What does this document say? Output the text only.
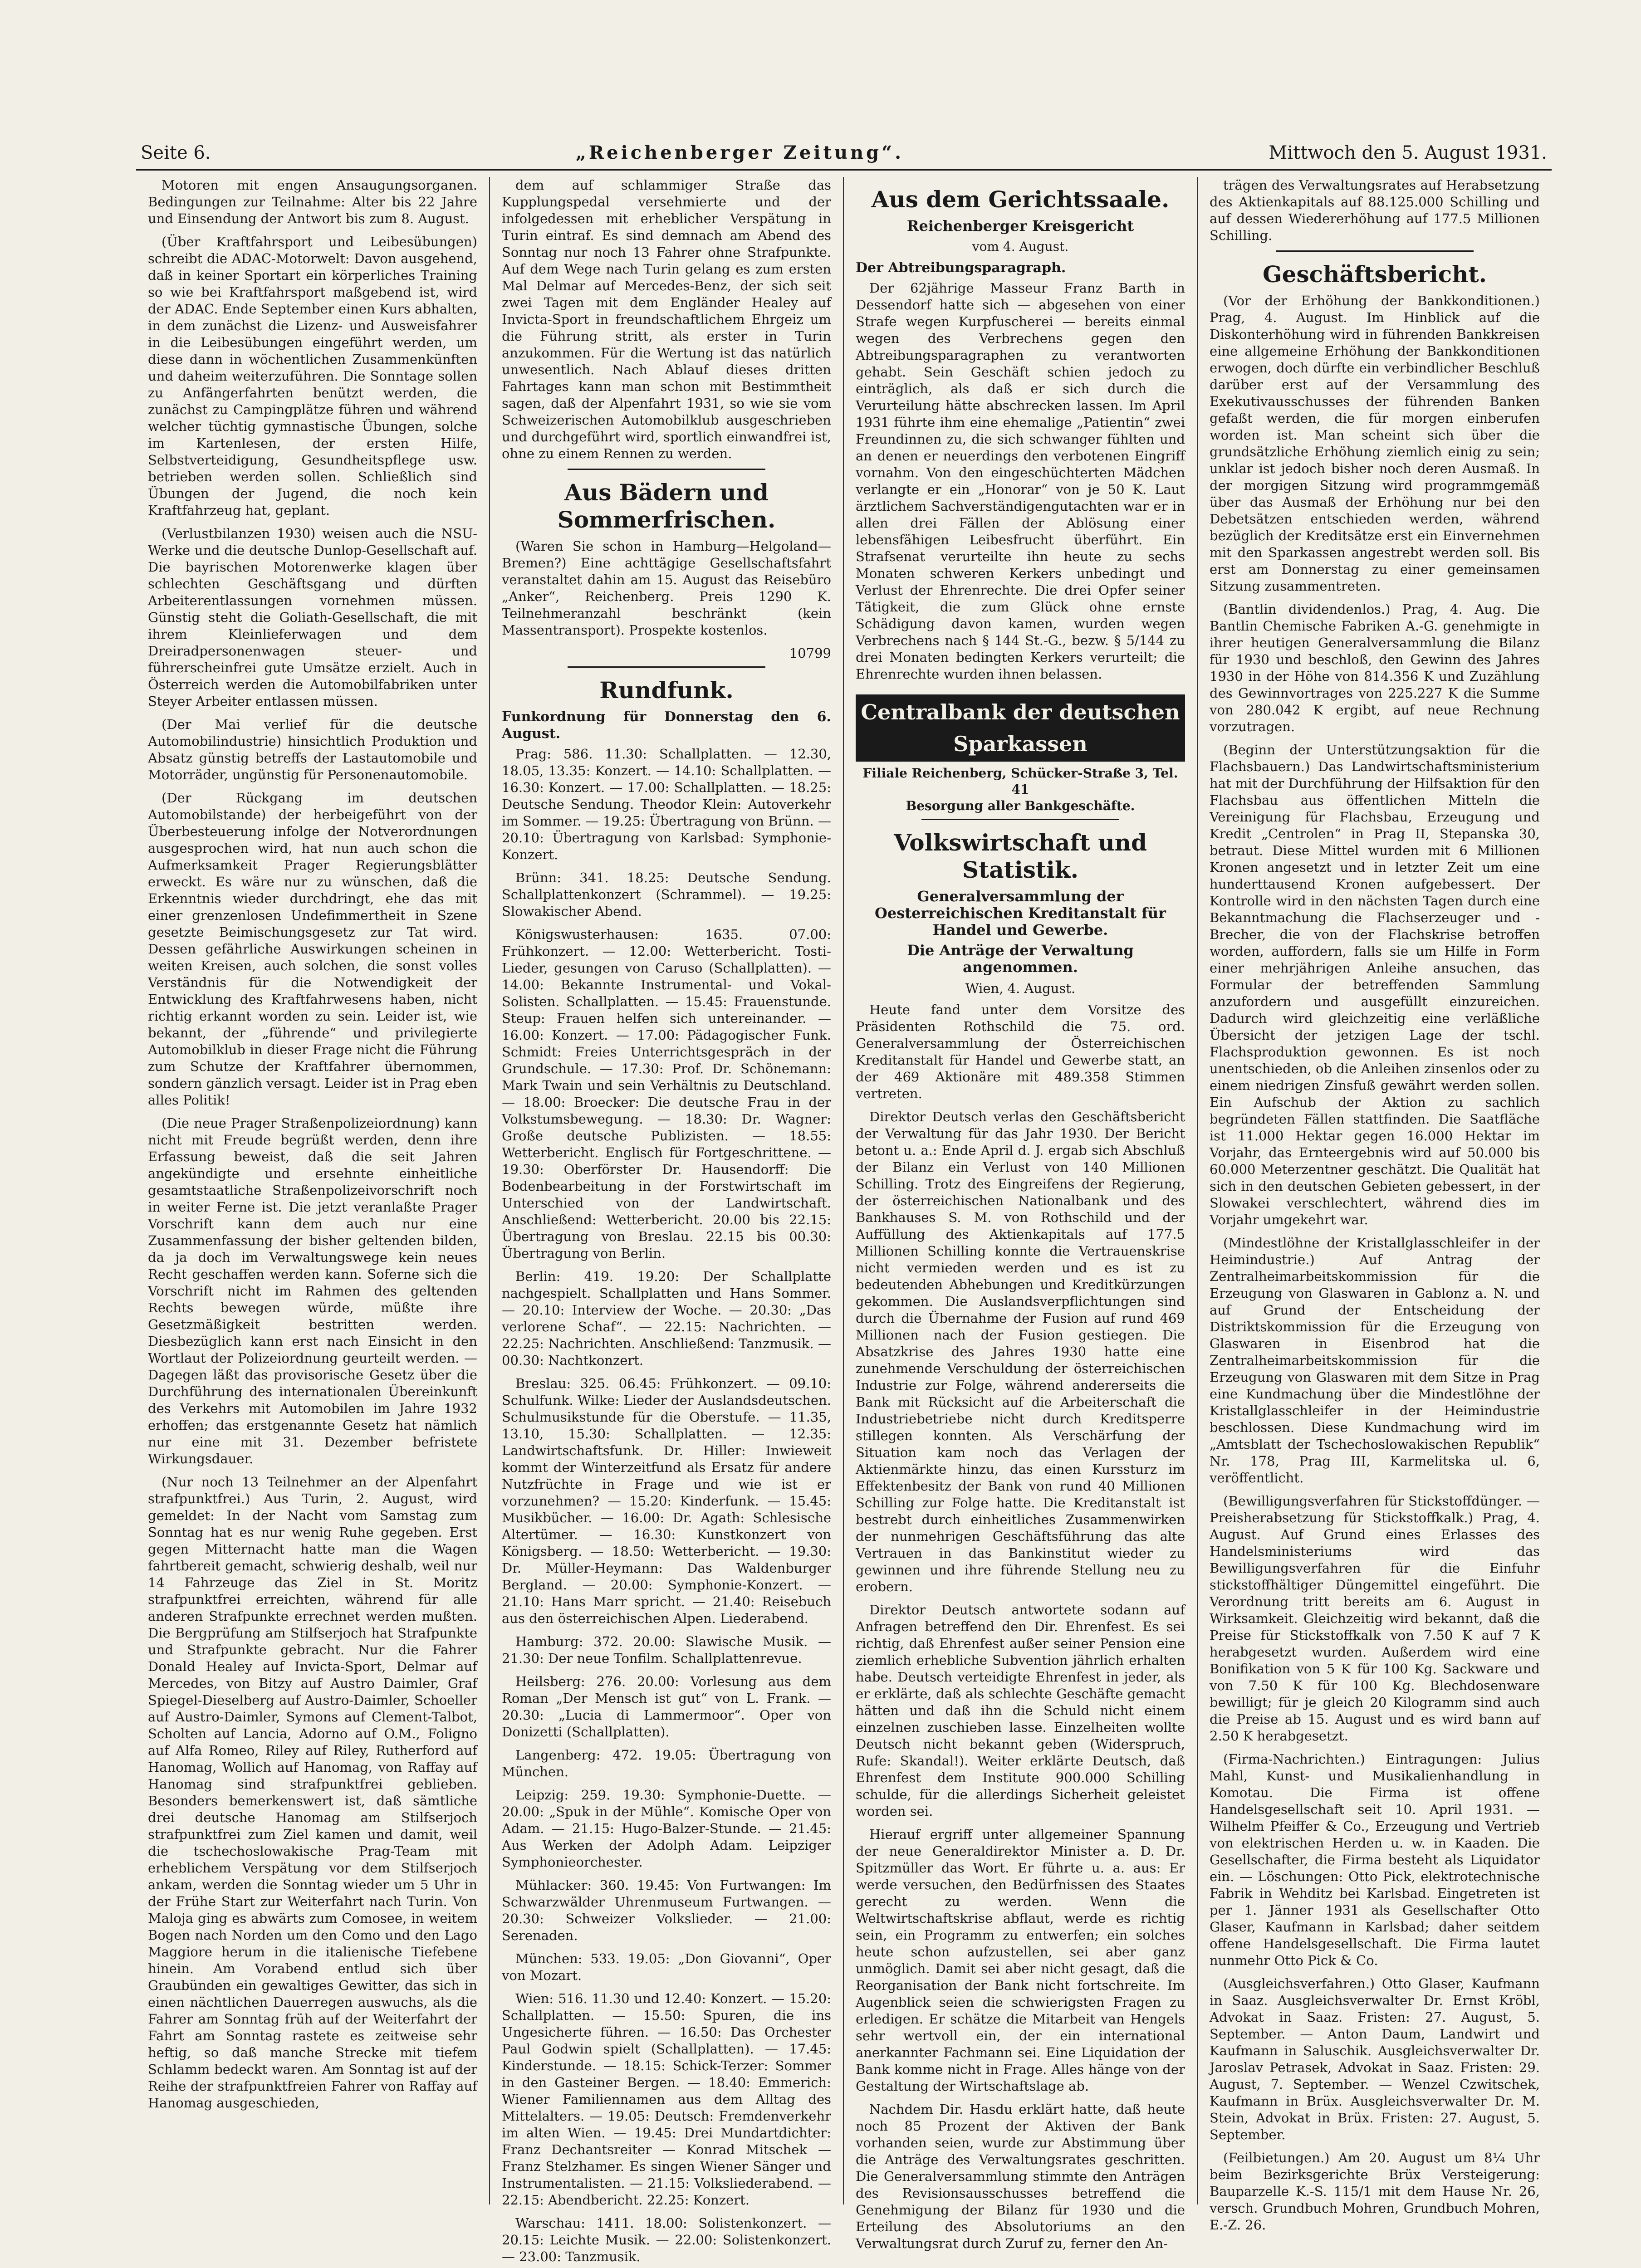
Seite 6.	„Reichenberger Zeitung“.	Mittwoch den 5. August 1931.

Motoren mit engen Ansaugungsorganen. Bedingungen zur Teilnahme: Alter bis 22 Jahre und Einsendung der Antwort bis zum 8. August.

(Über Kraftfahrsport und Leibesübungen) schreibt die ADAC-Motorwelt: Davon ausgehend, daß in keiner Sportart ein körperliches Training so wie bei Kraftfahrsport maßgebend ist, wird der ADAC. Ende September einen Kurs abhalten, in dem zunächst die Lizenz- und Ausweisfahrer in die Leibesübungen eingeführt werden, um diese dann in wöchentlichen Zusammenkünften und daheim weiterzuführen. Die Sonntage sollen zu Anfängerfahrten benützt werden, die zunächst zu Campingplätze führen und während welcher tüchtig gymnastische Übungen, solche im Kartenlesen, der ersten Hilfe, Selbstverteidigung, Gesundheitspflege usw. betrieben werden sollen. Schließlich sind Übungen der Jugend, die noch kein Kraftfahrzeug hat, geplant.

(Verlustbilanzen 1930) weisen auch die NSU-Werke und die deutsche Dunlop-Gesellschaft auf. Die bayrischen Motorenwerke klagen über schlechten Geschäftsgang und dürften Arbeiterentlassungen vornehmen müssen. Günstig steht die Goliath-Gesellschaft, die mit ihrem Kleinlieferwagen und dem Dreiradpersonenwagen steuer- und führerscheinfrei gute Umsätze erzielt. Auch in Österreich werden die Automobilfabriken unter Steyer Arbeiter entlassen müssen.

(Der Mai verlief für die deutsche Automobilindustrie) hinsichtlich Produktion und Absatz günstig betreffs der Lastautomobile und Motorräder, ungünstig für Personenautomobile.

(Der Rückgang im deutschen Automobilstande) der herbeigeführt von der Überbesteuerung infolge der Notverordnungen ausgesprochen wird, hat nun auch schon die Aufmerksamkeit Prager Regierungsblätter erweckt. Es wäre nur zu wünschen, daß die Erkenntnis wieder durchdringt, ehe das mit einer grenzenlosen Undefimmertheit in Szene gesetzte Beimischungsgesetz zur Tat wird. Dessen gefährliche Auswirkungen scheinen in weiten Kreisen, auch solchen, die sonst volles Verständnis für die Notwendigkeit der Entwicklung des Kraftfahrwesens haben, nicht richtig erkannt worden zu sein. Leider ist, wie bekannt, der „führende“ und privilegierte Automobilklub in dieser Frage nicht die Führung zum Schutze der Kraftfahrer übernommen, sondern gänzlich versagt. Leider ist in Prag eben alles Politik!

(Die neue Prager Straßenpolizeiordnung) kann nicht mit Freude begrüßt werden, denn ihre Erfassung beweist, daß die seit Jahren angekündigte und ersehnte einheitliche gesamtstaatliche Straßenpolizeivorschrift noch in weiter Ferne ist. Die jetzt veranlaßte Prager Vorschrift kann dem auch nur eine Zusammenfassung der bisher geltenden bilden, da ja doch im Verwaltungswege kein neues Recht geschaffen werden kann. Soferne sich die Vorschrift nicht im Rahmen des geltenden Rechts bewegen würde, müßte ihre Gesetzmäßigkeit bestritten werden. Diesbezüglich kann erst nach Einsicht in den Wortlaut der Polizeiordnung geurteilt werden. — Dagegen läßt das provisorische Gesetz über die Durchführung des internationalen Übereinkunft des Verkehrs mit Automobilen im Jahre 1932 erhoffen; das erstgenannte Gesetz hat nämlich nur eine mit 31. Dezember befristete Wirkungsdauer.

(Nur noch 13 Teilnehmer an der Alpenfahrt strafpunktfrei.) Aus Turin, 2. August, wird gemeldet: In der Nacht vom Samstag zum Sonntag hat es nur wenig Ruhe gegeben. Erst gegen Mitternacht hatte man die Wagen fahrtbereit gemacht, schwierig deshalb, weil nur 14 Fahrzeuge das Ziel in St. Moritz strafpunktfrei erreichten, während für alle anderen Strafpunkte errechnet werden mußten. Die Bergprüfung am Stilfserjoch hat Strafpunkte und Strafpunkte gebracht. Nur die Fahrer Donald Healey auf Invicta-Sport, Delmar auf Mercedes, von Bitzy auf Austro Daimler, Graf Spiegel-Dieselberg auf Austro-Daimler, Schoeller auf Austro-Daimler, Symons auf Clement-Talbot, Scholten auf Lancia, Adorno auf O.M., Foligno auf Alfa Romeo, Riley auf Riley, Rutherford auf Hanomag, Wollich auf Hanomag, von Raffay auf Hanomag sind strafpunktfrei geblieben. Besonders bemerkenswert ist, daß sämtliche drei deutsche Hanomag am Stilfserjoch strafpunktfrei zum Ziel kamen und damit, weil die tschechoslowakische Prag-Team mit erheblichem Verspätung vor dem Stilfserjoch ankam, werden die Sonntag wieder um 5 Uhr in der Frühe Start zur Weiterfahrt nach Turin. Von Maloja ging es abwärts zum Comosee, in weitem Bogen nach Norden um den Como und den Lago Maggiore herum in die italienische Tiefebene hinein. Am Vorabend entlud sich über Graubünden ein gewaltiges Gewitter, das sich in einen nächtlichen Dauerregen auswuchs, als die Fahrer am Sonntag früh auf der Weiterfahrt der Fahrt am Sonntag rastete es zeitweise sehr heftig, so daß manche Strecke mit tiefem Schlamm bedeckt waren. Am Sonntag ist auf der Reihe der strafpunktfreien Fahrer von Raffay auf Hanomag ausgeschieden,

dem auf schlammiger Straße das Kupplungspedal versehmierte und der infolgedessen mit erheblicher Verspätung in Turin eintraf. Es sind demnach am Abend des Sonntag nur noch 13 Fahrer ohne Strafpunkte. Auf dem Wege nach Turin gelang es zum ersten Mal Delmar auf Mercedes-Benz, der sich seit zwei Tagen mit dem Engländer Healey auf Invicta-Sport in freundschaftlichem Ehrgeiz um die Führung stritt, als erster in Turin anzukommen. Für die Wertung ist das natürlich unwesentlich. Nach Ablauf dieses dritten Fahrtages kann man schon mit Bestimmtheit sagen, daß der Alpenfahrt 1931, so wie sie vom Schweizerischen Automobilklub ausgeschrieben und durchgeführt wird, sportlich einwandfrei ist, ohne zu einem Rennen zu werden.

Aus Bädern und Sommerfrischen.

(Waren Sie schon in Hamburg—Helgoland—Bremen?) Eine achttägige Gesellschaftsfahrt veranstaltet dahin am 15. August das Reisebüro „Anker“, Reichenberg. Preis 1290 K. Teilnehmeranzahl beschränkt (kein Massentransport). Prospekte kostenlos.

10799
Rundfunk.
Funkordnung für Donnerstag den 6. August.

Prag: 586. 11.30: Schallplatten. — 12.30, 18.05, 13.35: Konzert. — 14.10: Schallplatten. — 16.30: Konzert. — 17.00: Schallplatten. — 18.25: Deutsche Sendung. Theodor Klein: Autoverkehr im Sommer. — 19.25: Übertragung von Brünn. — 20.10: Übertragung von Karlsbad: Symphonie-Konzert.

Brünn: 341. 18.25: Deutsche Sendung. Schallplattenkonzert (Schrammel). — 19.25: Slowakischer Abend.

Königswusterhausen: 1635. 07.00: Frühkonzert. — 12.00: Wetterbericht. Tosti-Lieder, gesungen von Caruso (Schallplatten). — 14.00: Bekannte Instrumental- und Vokal-Solisten. Schallplatten. — 15.45: Frauenstunde. Steup: Frauen helfen sich untereinander. — 16.00: Konzert. — 17.00: Pädagogischer Funk. Schmidt: Freies Unterrichtsgespräch in der Grundschule. — 17.30: Prof. Dr. Schönemann: Mark Twain und sein Verhältnis zu Deutschland. — 18.00: Broecker: Die deutsche Frau in der Volkstumsbewegung. — 18.30: Dr. Wagner: Große deutsche Publizisten. — 18.55: Wetterbericht. Englisch für Fortgeschrittene. — 19.30: Oberförster Dr. Hausendorff: Die Bodenbearbeitung in der Forstwirtschaft im Unterschied von der Landwirtschaft. Anschließend: Wetterbericht. 20.00 bis 22.15: Übertragung von Breslau. 22.15 bis 00.30: Übertragung von Berlin.

Berlin: 419. 19.20: Der Schallplatte nachgespielt. Schallplatten und Hans Sommer. — 20.10: Interview der Woche. — 20.30: „Das verlorene Schaf“. — 22.15: Nachrichten. — 22.25: Nachrichten. Anschließend: Tanzmusik. — 00.30: Nachtkonzert.

Breslau: 325. 06.45: Frühkonzert. — 09.10: Schulfunk. Wilke: Lieder der Auslandsdeutschen. Schulmusikstunde für die Oberstufe. — 11.35, 13.10, 15.30: Schallplatten. — 12.35: Landwirtschaftsfunk. Dr. Hiller: Inwieweit kommt der Winterzeitfund als Ersatz für andere Nutzfrüchte in Frage und wie ist er vorzunehmen? — 15.20: Kinderfunk. — 15.45: Musikbücher. — 16.00: Dr. Agath: Schlesische Altertümer. — 16.30: Kunstkonzert von Königsberg. — 18.50: Wetterbericht. — 19.30: Dr. Müller-Heymann: Das Waldenburger Bergland. — 20.00: Symphonie-Konzert. — 21.10: Hans Marr spricht. — 21.40: Reisebuch aus den österreichischen Alpen. Liederabend.

Hamburg: 372. 20.00: Slawische Musik. — 21.30: Der neue Tonfilm. Schallplattenrevue.

Heilsberg: 276. 20.00: Vorlesung aus dem Roman „Der Mensch ist gut“ von L. Frank. — 20.30: „Lucia di Lammermoor“. Oper von Donizetti (Schallplatten).

Langenberg: 472. 19.05: Übertragung von München.

Leipzig: 259. 19.30: Symphonie-Duette. — 20.00: „Spuk in der Mühle“. Komische Oper von Adam. — 21.15: Hugo-Balzer-Stunde. — 21.45: Aus Werken der Adolph Adam. Leipziger Symphonieorchester.

Mühlacker: 360. 19.45: Von Furtwangen: Im Schwarzwälder Uhrenmuseum Furtwangen. — 20.30: Schweizer Volkslieder. — 21.00: Serenaden.

München: 533. 19.05: „Don Giovanni“, Oper von Mozart.

Wien: 516. 11.30 und 12.40: Konzert. — 15.20: Schallplatten. — 15.50: Spuren, die ins Ungesicherte führen. — 16.50: Das Orchester Paul Godwin spielt (Schallplatten). — 17.45: Kinderstunde. — 18.15: Schick-Terzer: Sommer in den Gasteiner Bergen. — 18.40: Emmerich: Wiener Familiennamen aus dem Alltag des Mittelalters. — 19.05: Deutsch: Fremdenverkehr im alten Wien. — 19.45: Drei Mundartdichter: Franz Dechantsreiter — Konrad Mitschek — Franz Stelzhamer. Es singen Wiener Sänger und Instrumentalisten. — 21.15: Volksliederabend. — 22.15: Abendbericht. 22.25: Konzert.

Warschau: 1411. 18.00: Solistenkonzert. — 20.15: Leichte Musik. — 22.00: Solistenkonzert. — 23.00: Tanzmusik.

Aus dem Gerichtssaale.
Reichenberger Kreisgericht
vom 4. August.
Der Abtreibungsparagraph.

Der 62jährige Masseur Franz Barth in Dessendorf hatte sich — abgesehen von einer Strafe wegen Kurpfuscherei — bereits einmal wegen des Verbrechens gegen den Abtreibungsparagraphen zu verantworten gehabt. Sein Geschäft schien jedoch zu einträglich, als daß er sich durch die Verurteilung hätte abschrecken lassen. Im April 1931 führte ihm eine ehemalige „Patientin“ zwei Freundinnen zu, die sich schwanger fühlten und an denen er neuerdings den verbotenen Eingriff vornahm. Von den eingeschüchterten Mädchen verlangte er ein „Honorar“ von je 50 K. Laut ärztlichem Sachverständigengutachten war er in allen drei Fällen der Ablösung einer lebensfähigen Leibesfrucht überführt. Ein Strafsenat verurteilte ihn heute zu sechs Monaten schweren Kerkers unbedingt und Verlust der Ehrenrechte. Die drei Opfer seiner Tätigkeit, die zum Glück ohne ernste Schädigung davon kamen, wurden wegen Verbrechens nach § 144 St.-G., bezw. § 5/144 zu drei Monaten bedingten Kerkers verurteilt; die Ehrenrechte wurden ihnen belassen.

Centralbank der deutschen Sparkassen
Filiale Reichenberg, Schücker-Straße 3, Tel. 41
Besorgung aller Bankgeschäfte.
Volkswirtschaft und Statistik.
Generalversammlung der Oesterreichischen Kreditanstalt für Handel und Gewerbe.
Die Anträge der Verwaltung angenommen.
Wien, 4. August.

Heute fand unter dem Vorsitze des Präsidenten Rothschild die 75. ord. Generalversammlung der Österreichischen Kreditanstalt für Handel und Gewerbe statt, an der 469 Aktionäre mit 489.358 Stimmen vertreten.

Direktor Deutsch verlas den Geschäftsbericht der Verwaltung für das Jahr 1930. Der Bericht betont u. a.: Ende April d. J. ergab sich Abschluß der Bilanz ein Verlust von 140 Millionen Schilling. Trotz des Eingreifens der Regierung, der österreichischen Nationalbank und des Bankhauses S. M. von Rothschild und der Auffüllung des Aktienkapitals auf 177.5 Millionen Schilling konnte die Vertrauenskrise nicht vermieden werden und es ist zu bedeutenden Abhebungen und Kreditkürzungen gekommen. Die Auslandsverpflichtungen sind durch die Übernahme der Fusion auf rund 469 Millionen nach der Fusion gestiegen. Die Absatzkrise des Jahres 1930 hatte eine zunehmende Verschuldung der österreichischen Industrie zur Folge, während andererseits die Bank mit Rücksicht auf die Arbeiterschaft die Industriebetriebe nicht durch Kreditsperre stillegen konnten. Als Verschärfung der Situation kam noch das Verlagen der Aktienmärkte hinzu, das einen Kurssturz im Effektenbesitz der Bank von rund 40 Millionen Schilling zur Folge hatte. Die Kreditanstalt ist bestrebt durch einheitliches Zusammenwirken der nunmehrigen Geschäftsführung das alte Vertrauen in das Bankinstitut wieder zu gewinnen und ihre führende Stellung neu zu erobern.

Direktor Deutsch antwortete sodann auf Anfragen betreffend den Dir. Ehrenfest. Es sei richtig, daß Ehrenfest außer seiner Pension eine ziemlich erhebliche Subvention jährlich erhalten habe. Deutsch verteidigte Ehrenfest in jeder, als er erklärte, daß als schlechte Geschäfte gemacht hätten und daß ihn die Schuld nicht einem einzelnen zuschieben lasse. Einzelheiten wollte Deutsch nicht bekannt geben (Widerspruch, Rufe: Skandal!). Weiter erklärte Deutsch, daß Ehrenfest dem Institute 900.000 Schilling schulde, für die allerdings Sicherheit geleistet worden sei.

Hierauf ergriff unter allgemeiner Spannung der neue Generaldirektor Minister a. D. Dr. Spitzmüller das Wort. Er führte u. a. aus: Er werde versuchen, den Bedürfnissen des Staates gerecht zu werden. Wenn die Weltwirtschaftskrise abflaut, werde es richtig sein, ein Programm zu entwerfen; ein solches heute schon aufzustellen, sei aber ganz unmöglich. Damit sei aber nicht gesagt, daß die Reorganisation der Bank nicht fortschreite. Im Augenblick seien die schwierigsten Fragen zu erledigen. Er schätze die Mitarbeit van Hengels sehr wertvoll ein, der ein international anerkannter Fachmann sei. Eine Liquidation der Bank komme nicht in Frage. Alles hänge von der Gestaltung der Wirtschaftslage ab.

Nachdem Dir. Hasdu erklärt hatte, daß heute noch 85 Prozent der Aktiven der Bank vorhanden seien, wurde zur Abstimmung über die Anträge des Verwaltungsrates geschritten. Die Generalversammlung stimmte den Anträgen des Revisionsausschusses betreffend die Genehmigung der Bilanz für 1930 und die Erteilung des Absolutoriums an den Verwaltungsrat durch Zuruf zu, ferner den An-

trägen des Verwaltungsrates auf Herabsetzung des Aktienkapitals auf 88.125.000 Schilling und auf dessen Wiedererhöhung auf 177.5 Millionen Schilling.

Geschäftsbericht.

(Vor der Erhöhung der Bankkonditionen.) Prag, 4. August. Im Hinblick auf die Diskonterhöhung wird in führenden Bankkreisen eine allgemeine Erhöhung der Bankkonditionen erwogen, doch dürfte ein verbindlicher Beschluß darüber erst auf der Versammlung des Exekutivausschusses der führenden Banken gefaßt werden, die für morgen einberufen worden ist. Man scheint sich über die grundsätzliche Erhöhung ziemlich einig zu sein; unklar ist jedoch bisher noch deren Ausmaß. In der morgigen Sitzung wird programmgemäß über das Ausmaß der Erhöhung nur bei den Debetsätzen entschieden werden, während bezüglich der Kreditsätze erst ein Einvernehmen mit den Sparkassen angestrebt werden soll. Bis erst am Donnerstag zu einer gemeinsamen Sitzung zusammentreten.

(Bantlin dividendenlos.) Prag, 4. Aug. Die Bantlin Chemische Fabriken A.-G. genehmigte in ihrer heutigen Generalversammlung die Bilanz für 1930 und beschloß, den Gewinn des Jahres 1930 in der Höhe von 814.356 K und Zuzählung des Gewinnvortrages von 225.227 K die Summe von 280.042 K ergibt, auf neue Rechnung vorzutragen.

(Beginn der Unterstützungsaktion für die Flachsbauern.) Das Landwirtschaftsministerium hat mit der Durchführung der Hilfsaktion für den Flachsbau aus öffentlichen Mitteln die Vereinigung für Flachsbau, Erzeugung und Kredit „Centrolen“ in Prag II, Stepanska 30, betraut. Diese Mittel wurden mit 6 Millionen Kronen angesetzt und in letzter Zeit um eine hunderttausend Kronen aufgebessert. Der Kontrolle wird in den nächsten Tagen durch eine Bekanntmachung die Flachserzeuger und -Brecher, die von der Flachskrise betroffen worden, auffordern, falls sie um Hilfe in Form einer mehrjährigen Anleihe ansuchen, das Formular der betreffenden Sammlung anzufordern und ausgefüllt einzureichen. Dadurch wird gleichzeitig eine verläßliche Übersicht der jetzigen Lage der tschl. Flachsproduktion gewonnen. Es ist noch unentschieden, ob die Anleihen zinsenlos oder zu einem niedrigen Zinsfuß gewährt werden sollen. Ein Aufschub der Aktion zu sachlich begründeten Fällen stattfinden. Die Saatfläche ist 11.000 Hektar gegen 16.000 Hektar im Vorjahr, das Ernteergebnis wird auf 50.000 bis 60.000 Meterzentner geschätzt. Die Qualität hat sich in den deutschen Gebieten gebessert, in der Slowakei verschlechtert, während dies im Vorjahr umgekehrt war.

(Mindestlöhne der Kristallglasschleifer in der Heimindustrie.) Auf Antrag der Zentralheimarbeitskommission für die Erzeugung von Glaswaren in Gablonz a. N. und auf Grund der Entscheidung der Distriktskommission für die Erzeugung von Glaswaren in Eisenbrod hat die Zentralheimarbeitskommission für die Erzeugung von Glaswaren mit dem Sitze in Prag eine Kundmachung über die Mindestlöhne der Kristallglasschleifer in der Heimindustrie beschlossen. Diese Kundmachung wird im „Amtsblatt der Tschechoslowakischen Republik“ Nr. 178, Prag III, Karmelitska ul. 6, veröffentlicht.

(Bewilligungsverfahren für Stickstoffdünger. — Preisherabsetzung für Stickstoffkalk.) Prag, 4. August. Auf Grund eines Erlasses des Handelsministeriums wird das Bewilligungsverfahren für die Einfuhr stickstoffhältiger Düngemittel eingeführt. Die Verordnung tritt bereits am 6. August in Wirksamkeit. Gleichzeitig wird bekannt, daß die Preise für Stickstoffkalk von 7.50 K auf 7 K herabgesetzt wurden. Außerdem wird eine Bonifikation von 5 K für 100 Kg. Sackware und von 7.50 K für 100 Kg. Blechdosenware bewilligt; für je gleich 20 Kilogramm sind auch die Preise ab 15. August und es wird bann auf 2.50 K herabgesetzt.

(Firma-Nachrichten.) Eintragungen: Julius Mahl, Kunst- und Musikalienhandlung in Komotau. Die Firma ist offene Handelsgesellschaft seit 10. April 1931. — Wilhelm Pfeiffer & Co., Erzeugung und Vertrieb von elektrischen Herden u. w. in Kaaden. Die Gesellschafter, die Firma besteht als Liquidator ein. — Löschungen: Otto Pick, elektrotechnische Fabrik in Wehditz bei Karlsbad. Eingetreten ist per 1. Jänner 1931 als Gesellschafter Otto Glaser, Kaufmann in Karlsbad; daher seitdem offene Handelsgesellschaft. Die Firma lautet nunmehr Otto Pick & Co.

(Ausgleichsverfahren.) Otto Glaser, Kaufmann in Saaz. Ausgleichsverwalter Dr. Ernst Kröbl, Advokat in Saaz. Fristen: 27. August, 5. September. — Anton Daum, Landwirt und Kaufmann in Saluschik. Ausgleichsverwalter Dr. Jaroslav Petrasek, Advokat in Saaz. Fristen: 29. August, 7. September. — Wenzel Czwitschek, Kaufmann in Brüx. Ausgleichsverwalter Dr. M. Stein, Advokat in Brüx. Fristen: 27. August, 5. September.

(Feilbietungen.) Am 20. August um 8¼ Uhr beim Bezirksgerichte Brüx Versteigerung: Bauparzelle K.-S. 115/1 mit dem Hause Nr. 26, versch. Grundbuch Mohren, Grundbuch Mohren, E.-Z. 26.
